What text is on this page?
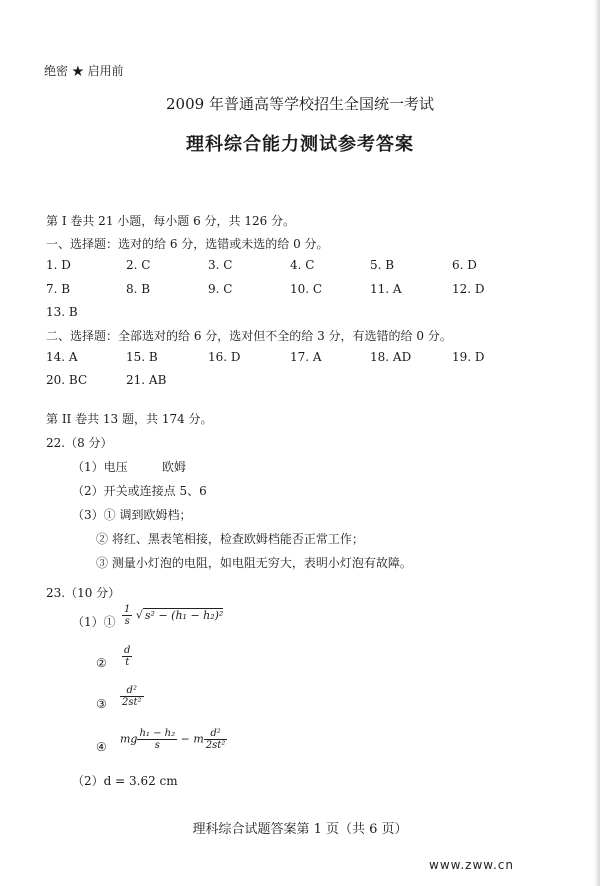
绝密 ★ 启用前
2009 年普通高等学校招生全国统一考试
理科综合能力测试参考答案
第 I 卷共 21 小题，每小题 6 分，共 126 分。
一、选择题：选对的给 6 分，选错或未选的给 0 分。
1. D	2. C	3. C	4. C	5. B	6. D
7. B	8. B	9. C	10. C	11. A	12. D
13. B
二、选择题：全部选对的给 6 分，选对但不全的给 3 分，有选错的给 0 分。
14. A	15. B	16. D	17. A	18. AD	19. D
20. BC	21. AB
第 II 卷共 13 题，共 174 分。
22.（8 分）
（1）电压	欧姆
（2）开关或连接点 5、6
（3）① 调到欧姆档；
② 将红、黑表笔相接，检查欧姆档能否正常工作；
③ 测量小灯泡的电阻，如电阻无穷大，表明小灯泡有故障。
23.（10 分）
（1）① $\frac{1}{s}$ √ s² − (h₁ − h₂)²
② $\frac{d}{t}$
③ $\frac{\text{d²}}{\text{2st²}}$
④
mg $\frac{\text{h₁ − h₂}}{s} - m \frac{\text{d²}}{\text{2st²}}$
（2）d = 3.62 cm
理科综合试题答案第 1 页（共 6 页）
www.zww.cn
